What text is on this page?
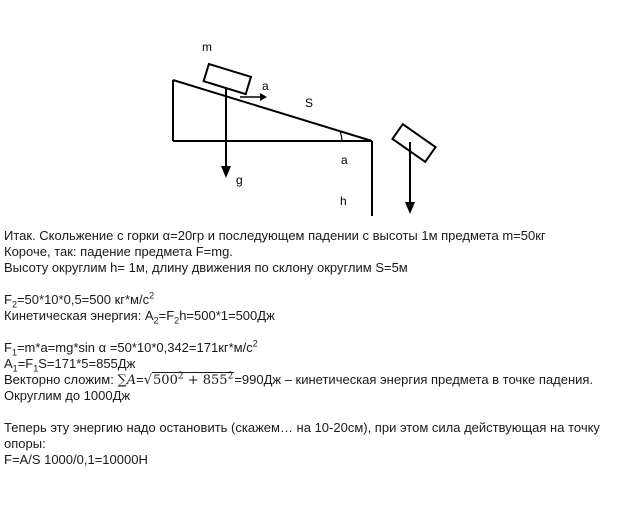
m
a
S
a
g
h
Итак. Скольжение с горки α=20гр и последующем падении с высоты 1м предмета m=50кг
Короче, так: падение предмета F=mg.
Высоту округлим h= 1м, длину движения по склону округлим S=5м
$F_2=50*10*0,5=500$ $кг*м/с^2$
Кинетическая энергия: $A_2=F_2h=500*1=500Дж$
$F_1=m*a=mg*\sin$ $\alpha =50*10*0,342=171кг*м/с^2$
$A_1=F_1S=171*5=855Дж$
Векторно сложим: $\sum A=√500^2 + 855^2=990Дж$ – кинетическая энергия предмета в точке падения.
Округлим до 1000Дж
Теперь эту энергию надо остановить (скажем… на 10-20см), при этом сила действующая на точку
опоры:
F=A/S 1000/0,1=10000Н
